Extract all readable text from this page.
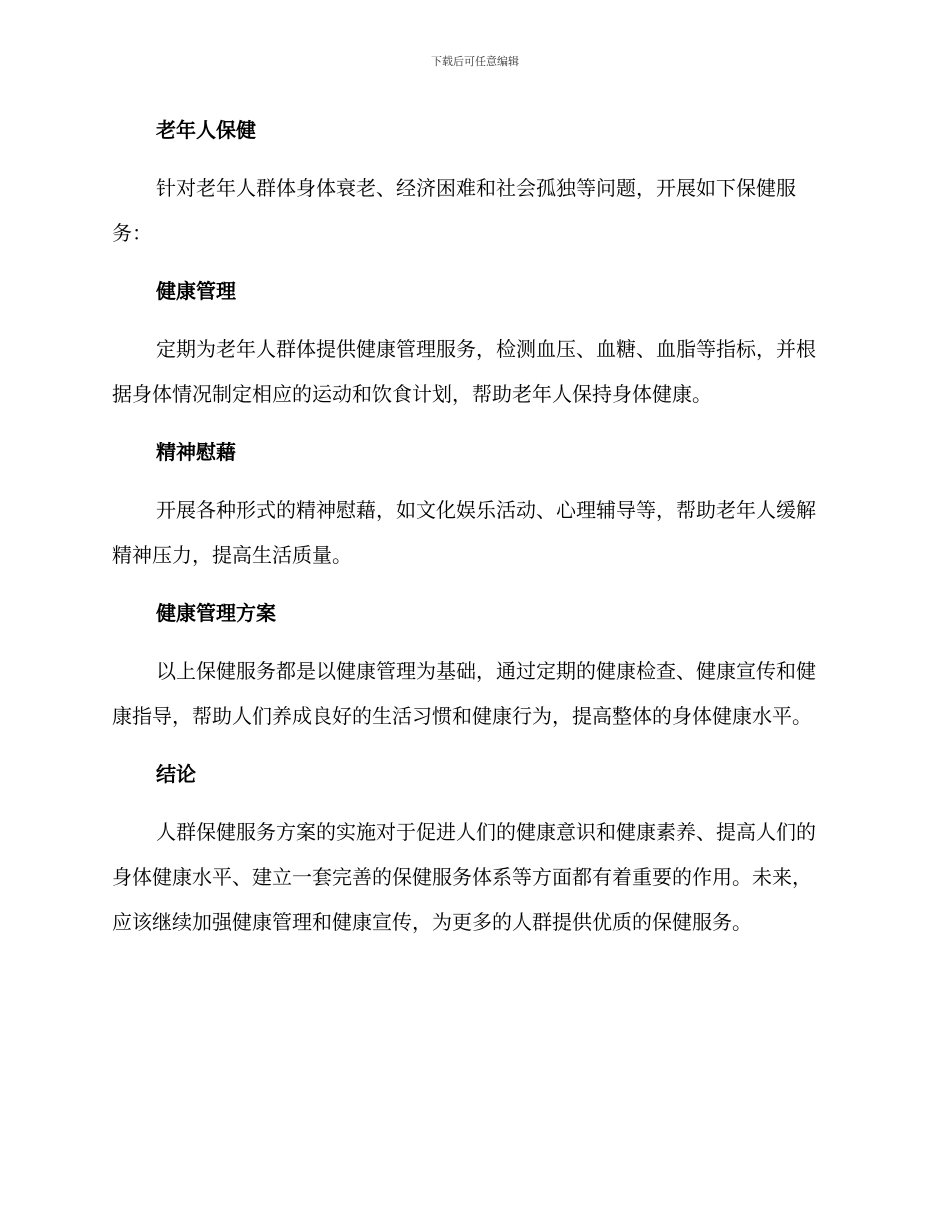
下载后可任意编辑
老年人保健

针对老年人群体身体衰老、经济困难和社会孤独等问题，开展如下保健服务：

健康管理

定期为老年人群体提供健康管理服务，检测血压、血糖、血脂等指标，并根据身体情况制定相应的运动和饮食计划，帮助老年人保持身体健康。

精神慰藉

开展各种形式的精神慰藉，如文化娱乐活动、心理辅导等，帮助老年人缓解精神压力，提高生活质量。

健康管理方案

以上保健服务都是以健康管理为基础，通过定期的健康检查、健康宣传和健康指导，帮助人们养成良好的生活习惯和健康行为，提高整体的身体健康水平。

结论

人群保健服务方案的实施对于促进人们的健康意识和健康素养、提高人们的身体健康水平、建立一套完善的保健服务体系等方面都有着重要的作用。未来，应该继续加强健康管理和健康宣传，为更多的人群提供优质的保健服务。
